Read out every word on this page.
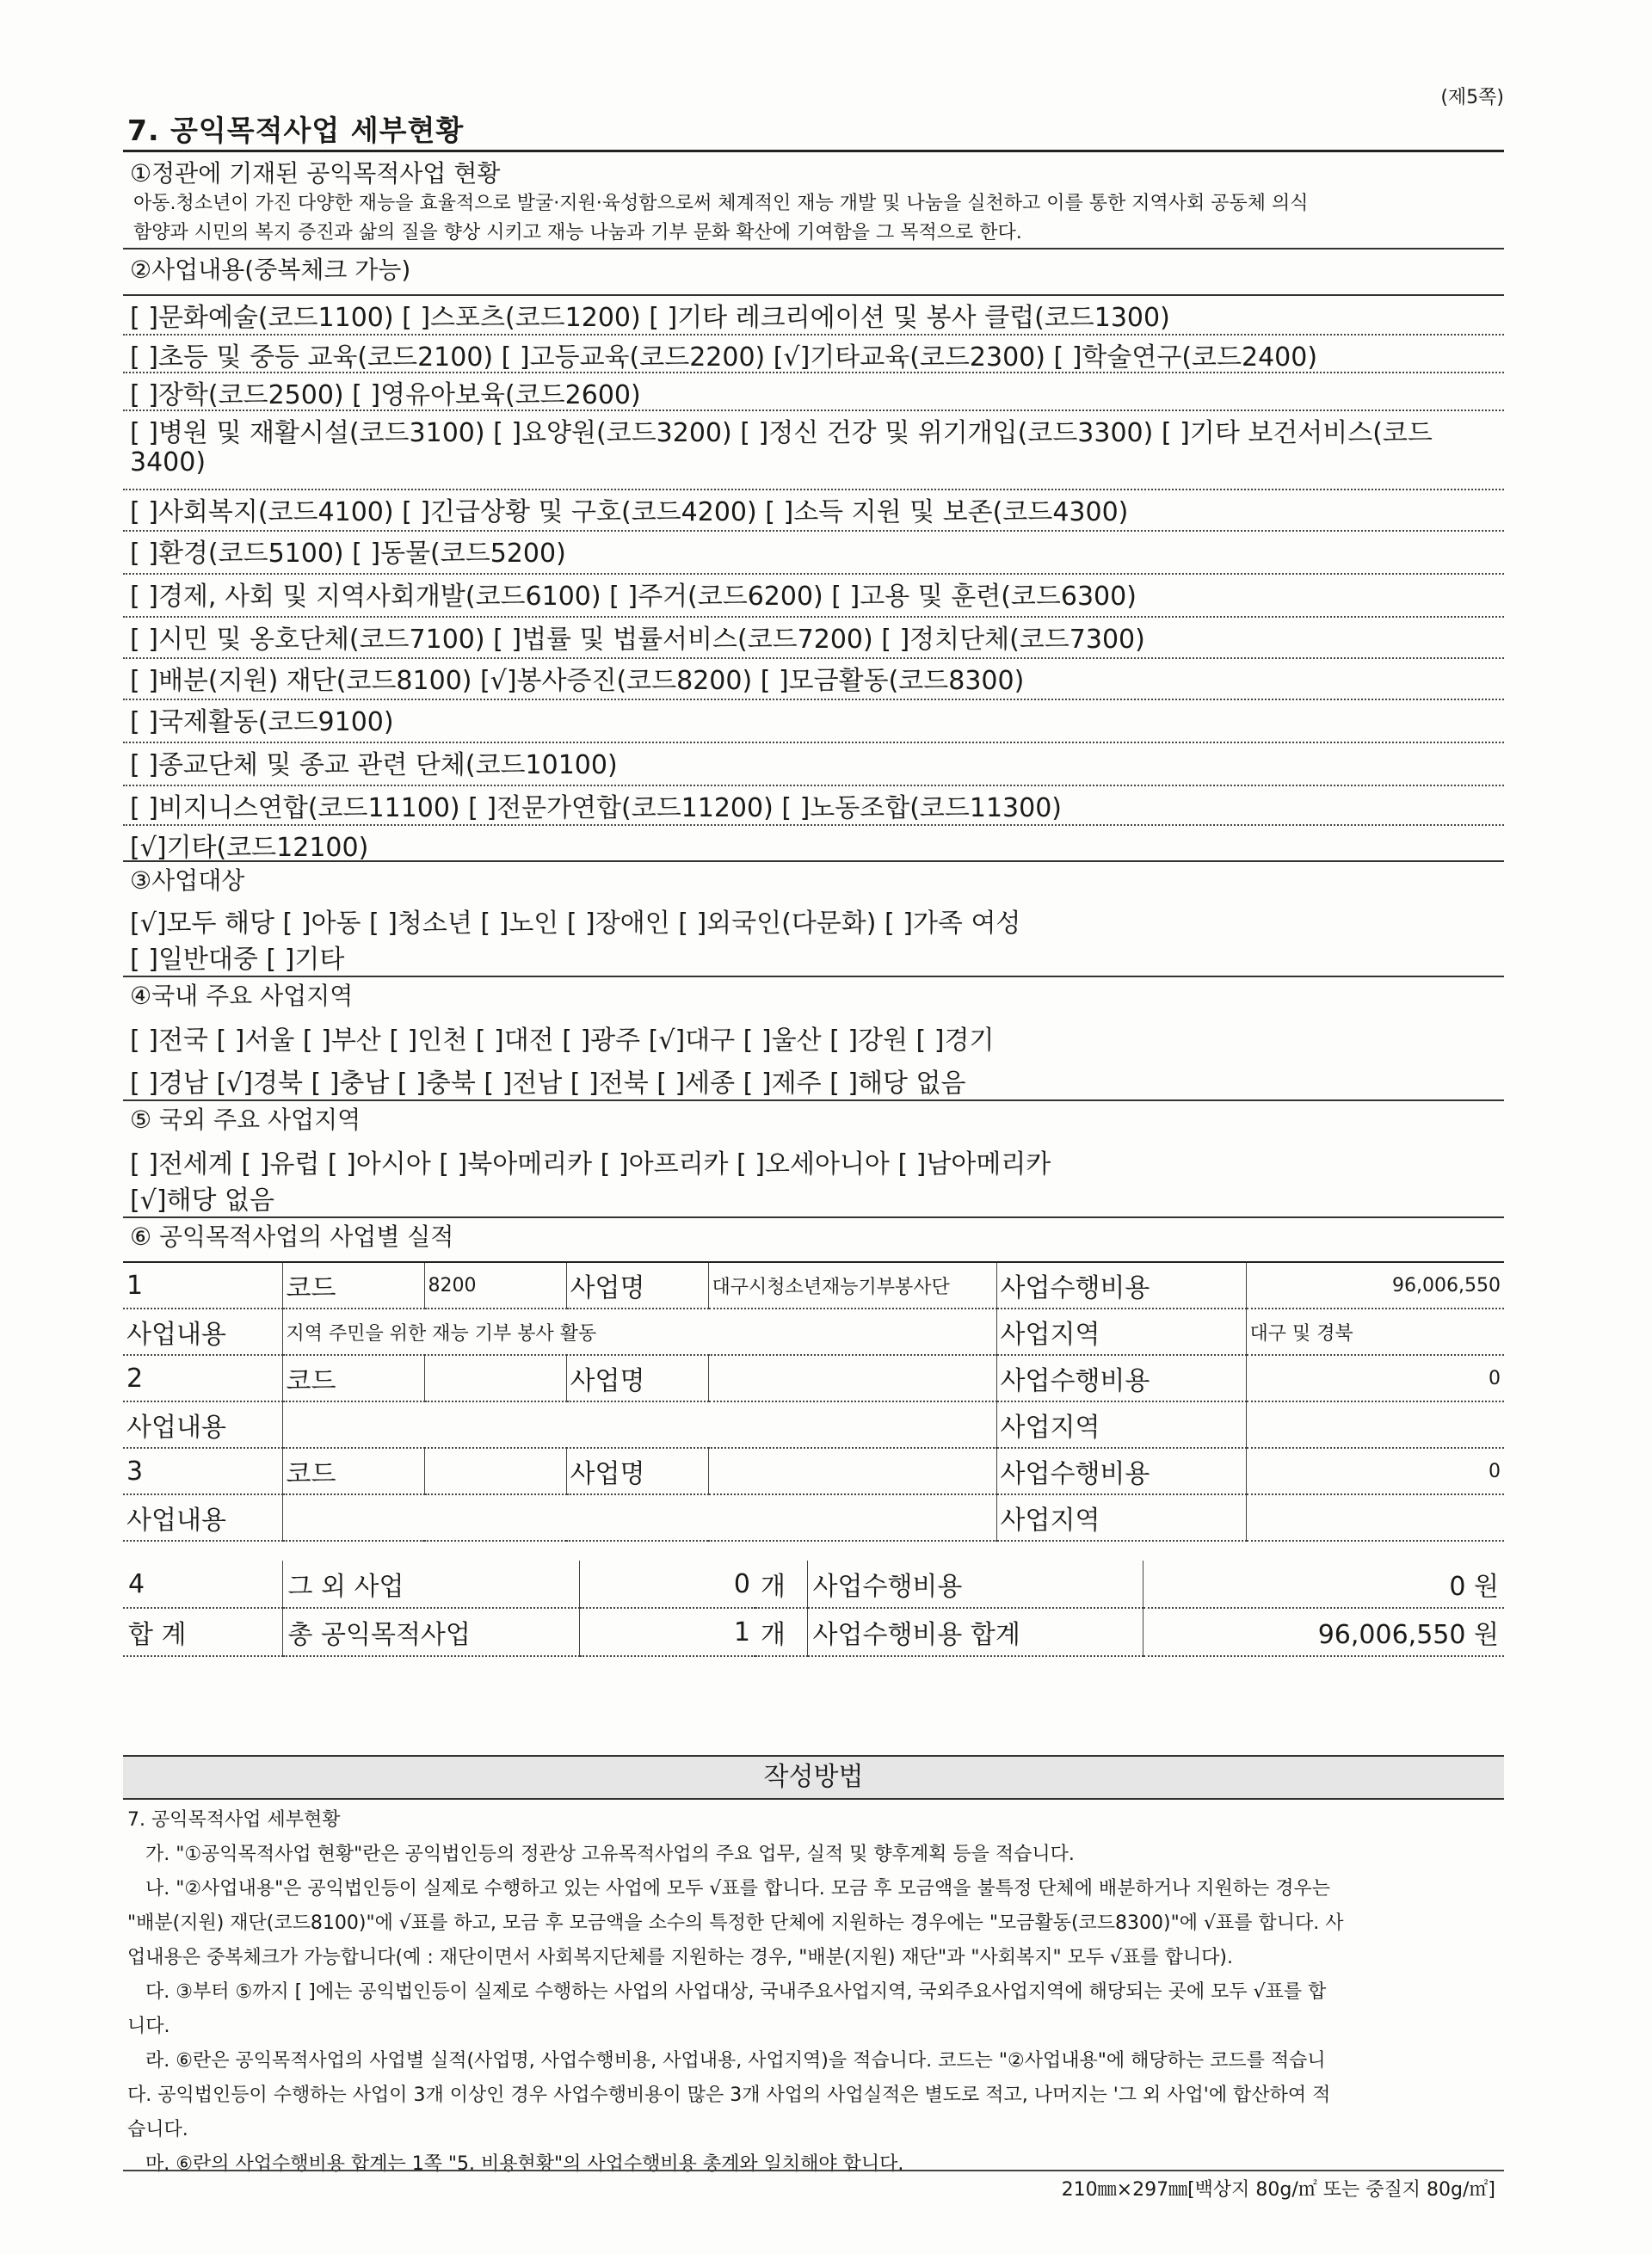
(제5쪽)
7. 공익목적사업 세부현황
①정관에 기재된 공익목적사업 현황
아동.청소년이 가진 다양한 재능을 효율적으로 발굴·지원·육성함으로써 체계적인 재능 개발 및 나눔을 실천하고 이를 통한 지역사회 공동체 의식
함양과 시민의 복지 증진과 삶의 질을 향상 시키고 재능 나눔과 기부 문화 확산에 기여함을 그 목적으로 한다.
②사업내용(중복체크 가능)
[ ]문화예술(코드1100) [ ]스포츠(코드1200) [ ]기타 레크리에이션 및 봉사 클럽(코드1300)
[ ]초등 및 중등 교육(코드2100) [ ]고등교육(코드2200) [√]기타교육(코드2300) [ ]학술연구(코드2400)
[ ]장학(코드2500) [ ]영유아보육(코드2600)
[ ]병원 및 재활시설(코드3100) [ ]요양원(코드3200) [ ]정신 건강 및 위기개입(코드3300) [ ]기타 보건서비스(코드
3400)
[ ]사회복지(코드4100) [ ]긴급상황 및 구호(코드4200) [ ]소득 지원 및 보존(코드4300)
[ ]환경(코드5100) [ ]동물(코드5200)
[ ]경제, 사회 및 지역사회개발(코드6100) [ ]주거(코드6200) [ ]고용 및 훈련(코드6300)
[ ]시민 및 옹호단체(코드7100) [ ]법률 및 법률서비스(코드7200) [ ]정치단체(코드7300)
[ ]배분(지원) 재단(코드8100) [√]봉사증진(코드8200) [ ]모금활동(코드8300)
[ ]국제활동(코드9100)
[ ]종교단체 및 종교 관련 단체(코드10100)
[ ]비지니스연합(코드11100) [ ]전문가연합(코드11200) [ ]노동조합(코드11300)
[√]기타(코드12100)
③사업대상
[√]모두 해당 [ ]아동 [ ]청소년 [ ]노인 [ ]장애인 [ ]외국인(다문화) [ ]가족 여성
[ ]일반대중 [ ]기타
④국내 주요 사업지역
[ ]전국 [ ]서울 [ ]부산 [ ]인천 [ ]대전 [ ]광주 [√]대구 [ ]울산 [ ]강원 [ ]경기
[ ]경남 [√]경북 [ ]충남 [ ]충북 [ ]전남 [ ]전북 [ ]세종 [ ]제주 [ ]해당 없음
⑤ 국외 주요 사업지역
[ ]전세계 [ ]유럽 [ ]아시아 [ ]북아메리카 [ ]아프리카 [ ]오세아니아 [ ]남아메리카
[√]해당 없음
⑥ 공익목적사업의 사업별 실적
1	코드	8200	사업명	대구시청소년재능기부봉사단	사업수행비용	96,006,550
사업내용	지역 주민을 위한 재능 기부 봉사 활동				사업지역	대구 및 경북
2	코드		사업명		사업수행비용	0
사업내용					사업지역	
3	코드		사업명		사업수행비용	0
사업내용					사업지역	
4	그 외 사업	0	개	사업수행비용	0 원
합 계	총 공익목적사업	1	개	사업수행비용 합계	96,006,550 원
작성방법

7. 공익목적사업 세부현황

가. "①공익목적사업 현황"란은 공익법인등의 정관상 고유목적사업의 주요 업무, 실적 및 향후계획 등을 적습니다.

나. "②사업내용"은 공익법인등이 실제로 수행하고 있는 사업에 모두 √표를 합니다. 모금 후 모금액을 불특정 단체에 배분하거나 지원하는 경우는

"배분(지원) 재단(코드8100)"에 √표를 하고, 모금 후 모금액을 소수의 특정한 단체에 지원하는 경우에는 "모금활동(코드8300)"에 √표를 합니다. 사

업내용은 중복체크가 가능합니다(예 : 재단이면서 사회복지단체를 지원하는 경우, "배분(지원) 재단"과 "사회복지" 모두 √표를 합니다).

다. ③부터 ⑤까지 [ ]에는 공익법인등이 실제로 수행하는 사업의 사업대상, 국내주요사업지역, 국외주요사업지역에 해당되는 곳에 모두 √표를 합

니다.

라. ⑥란은 공익목적사업의 사업별 실적(사업명, 사업수행비용, 사업내용, 사업지역)을 적습니다. 코드는 "②사업내용"에 해당하는 코드를 적습니

다. 공익법인등이 수행하는 사업이 3개 이상인 경우 사업수행비용이 많은 3개 사업의 사업실적은 별도로 적고, 나머지는 '그 외 사업'에 합산하여 적

습니다.

마. ⑥란의 사업수행비용 합계는 1쪽 "5. 비용현황"의 사업수행비용 총계와 일치해야 합니다.

210㎜×297㎜[백상지 80g/㎡ 또는 중질지 80g/㎡]
